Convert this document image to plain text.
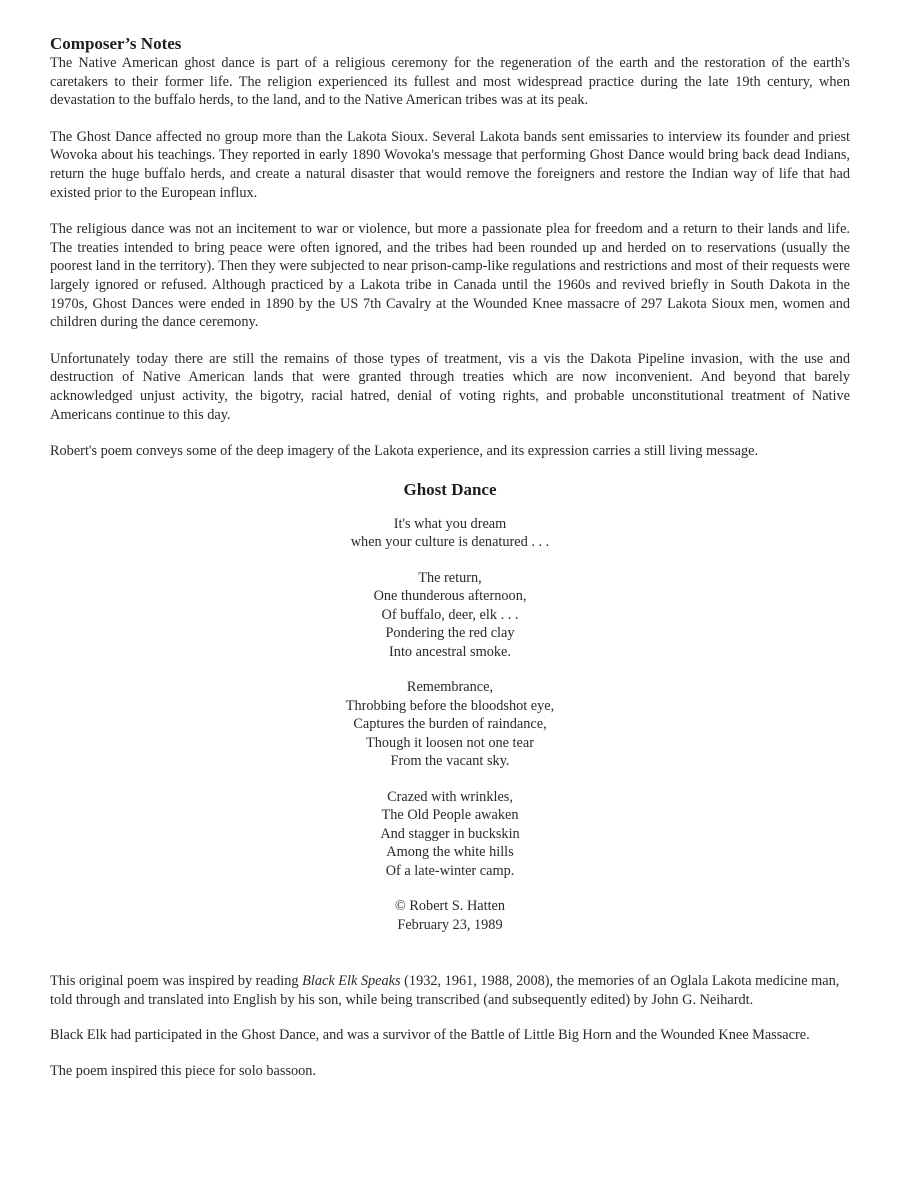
Composer’s Notes

The Native American ghost dance is part of a religious ceremony for the regeneration of the earth and the restoration of the earth's caretakers to their former life. The religion experienced its fullest and most widespread practice during the late 19th century, when devastation to the buffalo herds, to the land, and to the Native American tribes was at its peak.

The Ghost Dance affected no group more than the Lakota Sioux. Several Lakota bands sent emissaries to interview its founder and priest Wovoka about his teachings. They reported in early 1890 Wovoka's message that performing Ghost Dance would bring back dead Indians, return the huge buffalo herds, and create a natural disaster that would remove the foreigners and restore the Indian way of life that had existed prior to the European influx.

The religious dance was not an incitement to war or violence, but more a passionate plea for freedom and a return to their lands and life. The treaties intended to bring peace were often ignored, and the tribes had been rounded up and herded on to reservations (usually the poorest land in the territory). Then they were subjected to near prison-camp-like regulations and restrictions and most of their requests were largely ignored or refused. Although practiced by a Lakota tribe in Canada until the 1960s and revived briefly in South Dakota in the 1970s, Ghost Dances were ended in 1890 by the US 7th Cavalry at the Wounded Knee massacre of 297 Lakota Sioux men, women and children during the dance ceremony.

Unfortunately today there are still the remains of those types of treatment, vis a vis the Dakota Pipeline invasion, with the use and destruction of Native American lands that were granted through treaties which are now inconvenient. And beyond that barely acknowledged unjust activity, the bigotry, racial hatred, denial of voting rights, and probable unconstitutional treatment of Native Americans continue to this day.

Robert's poem conveys some of the deep imagery of the Lakota experience, and its expression carries a still living message.

Ghost Dance
It's what you dream
when your culture is denatured . . .
The return,
One thunderous afternoon,
Of buffalo, deer, elk . . .
Pondering the red clay
Into ancestral smoke.
Remembrance,
Throbbing before the bloodshot eye,
Captures the burden of raindance,
Though it loosen not one tear
From the vacant sky.
Crazed with wrinkles,
The Old People awaken
And stagger in buckskin
Among the white hills
Of a late-winter camp.
© Robert S. Hatten
February 23, 1989

This original poem was inspired by reading Black Elk Speaks (1932, 1961, 1988, 2008), the memories of an Oglala Lakota medicine man, told through and translated into English by his son, while being transcribed (and subsequently edited) by John G. Neihardt.

Black Elk had participated in the Ghost Dance, and was a survivor of the Battle of Little Big Horn and the Wounded Knee Massacre.

The poem inspired this piece for solo bassoon.
